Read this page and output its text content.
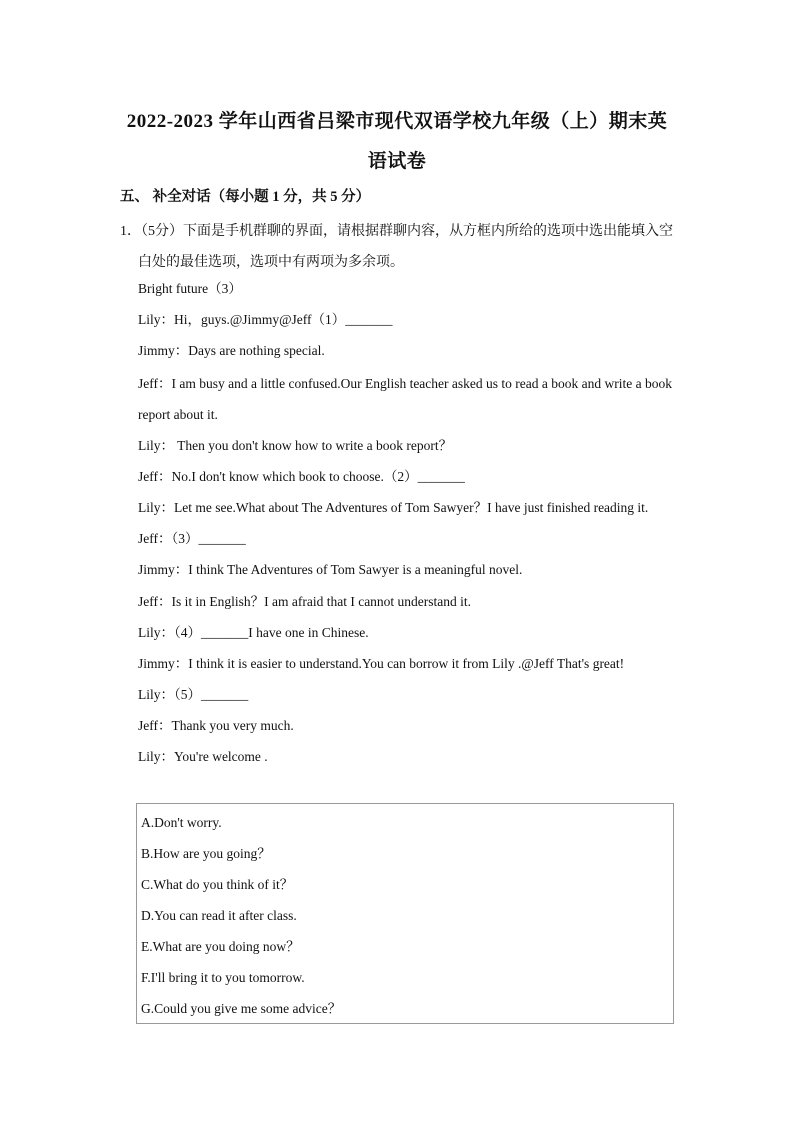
2022-2023 学年山西省吕梁市现代双语学校九年级（上）期末英
语试卷
五、 补全对话（每小题 1 分，共 5 分）
1．（5分）下面是手机群聊的界面，请根据群聊内容，从方框内所给的选项中选出能填入空
白处的最佳选项，选项中有两项为多余项。
Bright future（3）
Lily：Hi，guys.@Jimmy@Jeff（1）_______
Jimmy：Days are nothing special.
Jeff：I am busy and a little confused.Our English teacher asked us to read a book and write a book report about it.
Lily： Then you don't know how to write a book report？
Jeff：No.I don't know which book to choose.（2）_______
Lily：Let me see.What about The Adventures of Tom Sawyer？I have just finished reading it.
Jeff：（3）_______
Jimmy：I think The Adventures of Tom Sawyer is a meaningful novel.
Jeff：Is it in English？I am afraid that I cannot understand it.
Lily：（4）_______I have one in Chinese.
Jimmy：I think it is easier to understand.You can borrow it from Lily .@Jeff That's great!
Lily：（5）_______
Jeff：Thank you very much.
Lily：You're welcome .
A.Don't worry.
B.How are you going？
C.What do you think of it？
D.You can read it after class.
E.What are you doing now？
F.I'll bring it to you tomorrow.
G.Could you give me some advice？
